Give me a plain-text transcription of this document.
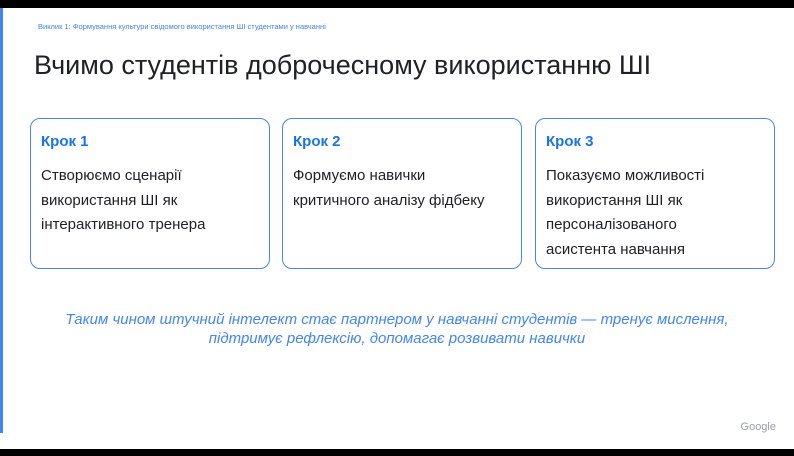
Виклик 1: Формування культури свідомого використання ШІ студентами у навчанні
Вчимо студентів доброчесному використанню ШІ

Крок 1

Створюємо сценарії
використання ШІ як
інтерактивного тренера

Крок 2

Формуємо навички
критичного аналізу фідбеку

Крок 3

Показуємо можливості
використання ШІ як
персоналізованого
асистента навчання

Таким чином штучний інтелект стає партнером у навчанні студентів — тренує мислення,
підтримує рефлексію, допомагає розвивати навички

Google
